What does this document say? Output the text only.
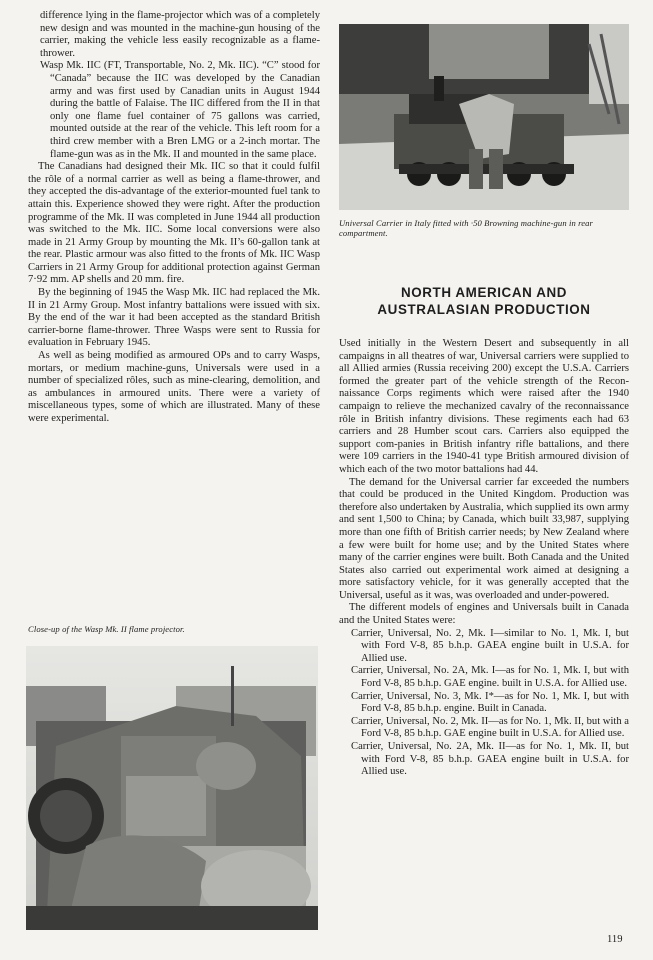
difference lying in the flame-projector which was of a completely new design and was mounted in the machine-gun housing of the carrier, making the vehicle less easily recognizable as a flame-thrower.

Wasp Mk. IIC (FT, Transportable, No. 2, Mk. IIC). “C” stood for “Canada” because the IIC was developed by the Canadian army and was first used by Canadian units in August 1944 during the battle of Falaise. The IIC differed from the II in that only one flame fuel container of 75 gallons was carried, mounted outside at the rear of the vehicle. This left room for a third crew member with a Bren LMG or a 2-inch mortar. The flame-gun was as in the Mk. II and mounted in the same place.

The Canadians had designed their Mk. IIC so that it could fulfil the rôle of a normal carrier as well as being a flame-thrower, and they accepted the dis-advantage of the exterior-mounted fuel tank to attain this. Experience showed they were right. After the production programme of the Mk. II was completed in June 1944 all production was switched to the Mk. IIC. Some local conversions were also made in 21 Army Group by mounting the Mk. II’s 60-gallon tank at the rear. Plastic armour was also fitted to the fronts of Mk. IIC Wasp Carriers in 21 Army Group for additional protection against German 7·92 mm. AP shells and 20 mm. fire.

By the beginning of 1945 the Wasp Mk. IIC had replaced the Mk. II in 21 Army Group. Most infantry battalions were issued with six. By the end of the war it had been accepted as the standard British carrier-borne flame-thrower. Three Wasps were sent to Russia for evaluation in February 1945.

As well as being modified as armoured OPs and to carry Wasps, mortars, or medium machine-guns, Universals were used in a number of specialized rôles, such as mine-clearing, demolition, and as ambulances in armoured units. There were a variety of miscellaneous types, some of which are illustrated. Many of these were experimental.

Close-up of the Wasp Mk. II flame projector.

Universal Carrier in Italy fitted with ·50 Browning machine-gun in rear compartment.

NORTH AMERICAN AND
AUSTRALASIAN PRODUCTION

Used initially in the Western Desert and subsequently in all campaigns in all theatres of war, Universal carriers were supplied to all Allied armies (Russia receiving 200) except the U.S.A. Carriers formed the greater part of the vehicle strength of the Recon-naissance Corps regiments which were raised after the 1940 campaign to relieve the mechanized cavalry of the reconnaissance rôle in British infantry divisions. These regiments each had 63 carriers and 28 Humber scout cars. Carriers also equipped the support com-panies in British infantry rifle battalions, and there were 109 carriers in the 1940-41 type British armoured division of which each of the two motor battalions had 44.

The demand for the Universal carrier far exceeded the numbers that could be produced in the United Kingdom. Production was therefore also undertaken by Australia, which supplied its own army and sent 1,500 to China; by Canada, which built 33,987, supplying more than one fifth of British carrier needs; by New Zealand where a few were built for home use; and by the United States where many of the carrier engines were built. Both Canada and the United States also carried out experimental work aimed at designing a more satisfactory vehicle, for it was generally accepted that the Universal, useful as it was, was overloaded and under-powered.

The different models of engines and Universals built in Canada and the United States were:

Carrier, Universal, No. 2, Mk. I—similar to No. 1, Mk. I, but with Ford V-8, 85 b.h.p. GAEA engine built in U.S.A. for Allied use.

Carrier, Universal, No. 2A, Mk. I—as for No. 1, Mk. I, but with Ford V-8, 85 b.h.p. GAE engine. built in U.S.A. for Allied use.

Carrier, Universal, No. 3, Mk. I*—as for No. 1, Mk. I, but with Ford V-8, 85 b.h.p. engine. Built in Canada.

Carrier, Universal, No. 2, Mk. II—as for No. 1, Mk. II, but with a Ford V-8, 85 b.h.p. GAE engine built in U.S.A. for Allied use.

Carrier, Universal, No. 2A, Mk. II—as for No. 1, Mk. II, but with Ford V-8, 85 b.h.p. GAEA engine built in U.S.A. for Allied use.

119
